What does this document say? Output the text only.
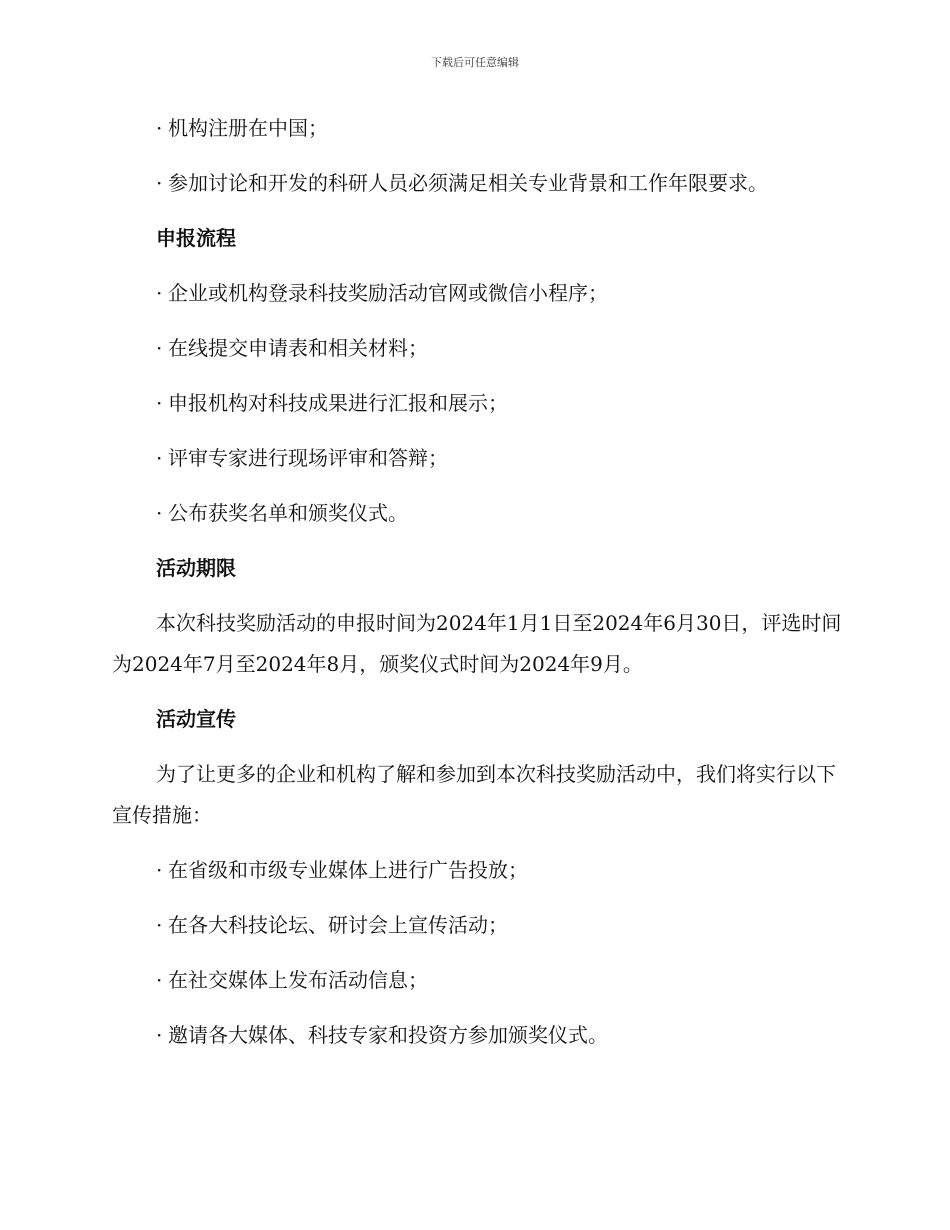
下载后可任意编辑
· 机构注册在中国；
· 参加讨论和开发的科研人员必须满足相关专业背景和工作年限要求。
申报流程
· 企业或机构登录科技奖励活动官网或微信小程序；
· 在线提交申请表和相关材料；
· 申报机构对科技成果进行汇报和展示；
· 评审专家进行现场评审和答辩；
· 公布获奖名单和颁奖仪式。
活动期限
本次科技奖励活动的申报时间为2024年1月1日至2024年6月30日，评选时间为2024年7月至2024年8月，颁奖仪式时间为2024年9月。
活动宣传
为了让更多的企业和机构了解和参加到本次科技奖励活动中，我们将实行以下宣传措施：
· 在省级和市级专业媒体上进行广告投放；
· 在各大科技论坛、研讨会上宣传活动；
· 在社交媒体上发布活动信息；
· 邀请各大媒体、科技专家和投资方参加颁奖仪式。
